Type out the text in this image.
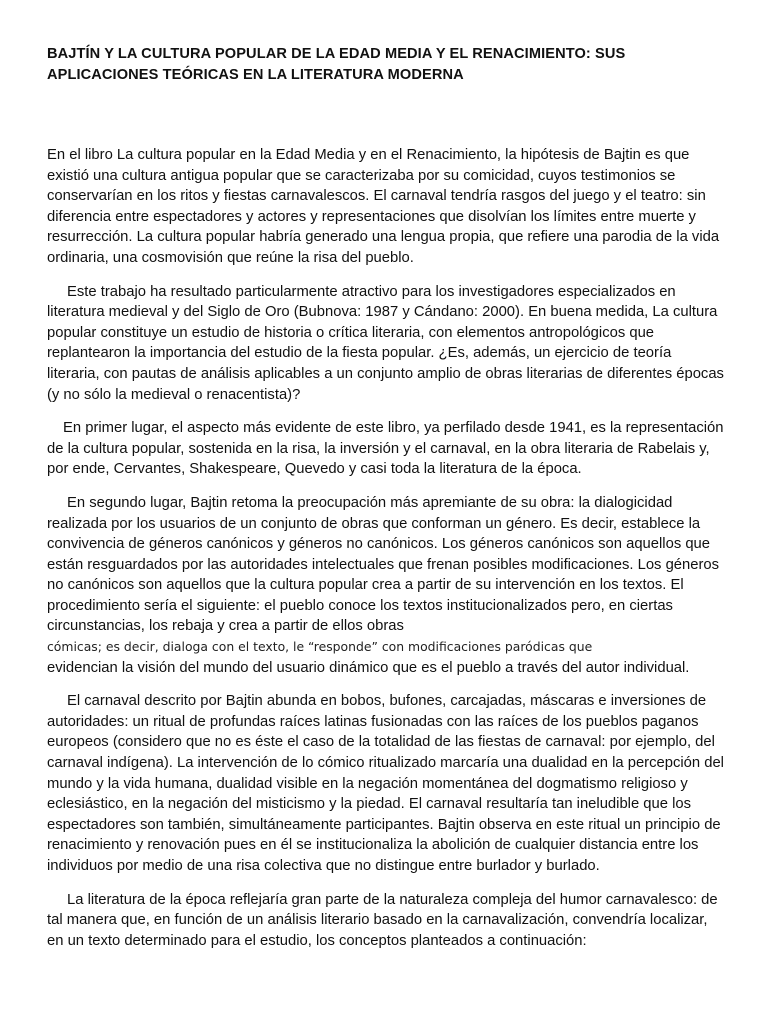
BAJTÍN Y LA CULTURA POPULAR DE LA EDAD MEDIA Y EL RENACIMIENTO: SUS APLICACIONES TEÓRICAS EN LA LITERATURA MODERNA

En el libro La cultura popular en la Edad Media y en el Renacimiento, la hipótesis de Bajtin es que existió una cultura antigua popular que se caracterizaba por su comicidad, cuyos testimonios se conservarían en los ritos y fiestas carnavalescos. El carnaval tendría rasgos del juego y el teatro: sin diferencia entre espectadores y actores y representaciones que disolvían los límites entre muerte y resurrección. La cultura popular habría generado una lengua propia, que refiere una parodia de la vida ordinaria, una cosmovisión que reúne la risa del pueblo.

Este trabajo ha resultado particularmente atractivo para los investigadores especializados en literatura medieval y del Siglo de Oro (Bubnova: 1987 y Cándano: 2000). En buena medida, La cultura popular constituye un estudio de historia o crítica literaria, con elementos antropológicos que replantearon la importancia del estudio de la fiesta popular. ¿Es, además, un ejercicio de teoría literaria, con pautas de análisis aplicables a un conjunto amplio de obras literarias de diferentes épocas (y no sólo la medieval o renacentista)?

En primer lugar, el aspecto más evidente de este libro, ya perfilado desde 1941, es la representación de la cultura popular, sostenida en la risa, la inversión y el carnaval, en la obra literaria de Rabelais y, por ende, Cervantes, Shakespeare, Quevedo y casi toda la literatura de la época.

En segundo lugar, Bajtin retoma la preocupación más apremiante de su obra: la dialogicidad realizada por los usuarios de un conjunto de obras que conforman un género. Es decir, establece la convivencia de géneros canónicos y géneros no canónicos. Los géneros canónicos son aquellos que están resguardados por las autoridades intelectuales que frenan posibles modificaciones. Los géneros no canónicos son aquellos que la cultura popular crea a partir de su intervención en los textos. El procedimiento sería el siguiente: el pueblo conoce los textos institucionalizados pero, en ciertas circunstancias, los rebaja y crea a partir de ellos obras
cómicas; es decir, dialoga con el texto, le “responde” con modificaciones paródicas que
evidencian la visión del mundo del usuario dinámico que es el pueblo a través del autor individual.

El carnaval descrito por Bajtin abunda en bobos, bufones, carcajadas, máscaras e inversiones de autoridades: un ritual de profundas raíces latinas fusionadas con las raíces de los pueblos paganos europeos (considero que no es éste el caso de la totalidad de las fiestas de carnaval: por ejemplo, del carnaval indígena). La intervención de lo cómico ritualizado marcaría una dualidad en la percepción del mundo y la vida humana, dualidad visible en la negación momentánea del dogmatismo religioso y eclesiástico, en la negación del misticismo y la piedad. El carnaval resultaría tan ineludible que los espectadores son también, simultáneamente participantes. Bajtin observa en este ritual un principio de renacimiento y renovación pues en él se institucionaliza la abolición de cualquier distancia entre los individuos por medio de una risa colectiva que no distingue entre burlador y burlado.

La literatura de la época reflejaría gran parte de la naturaleza compleja del humor carnavalesco: de tal manera que, en función de un análisis literario basado en la carnavalización, convendría localizar, en un texto determinado para el estudio, los conceptos planteados a continuación:
